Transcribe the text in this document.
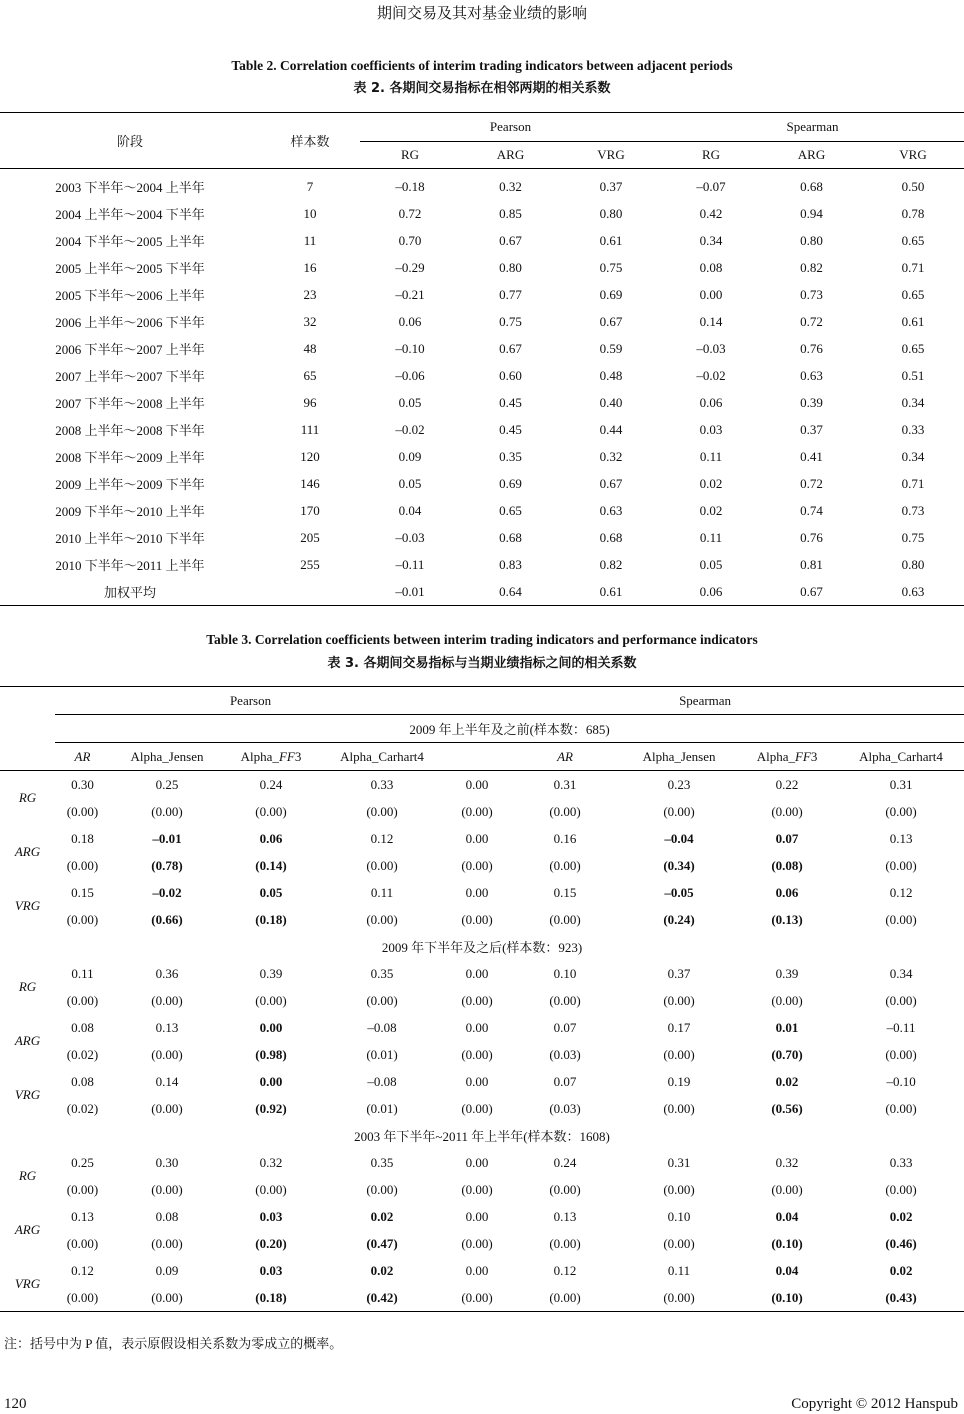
期间交易及其对基金业绩的影响
Table 2. Correlation coefficients of interim trading indicators between adjacent periods
表 2. 各期间交易指标在相邻两期的相关系数
阶段	样本数	Pearson			Spearman		
		RG	ARG	VRG	RG	ARG	VRG
2003 下半年～2004 上半年	7	–0.18	0.32	0.37	–0.07	0.68	0.50
2004 上半年～2004 下半年	10	0.72	0.85	0.80	0.42	0.94	0.78
2004 下半年～2005 上半年	11	0.70	0.67	0.61	0.34	0.80	0.65
2005 上半年～2005 下半年	16	–0.29	0.80	0.75	0.08	0.82	0.71
2005 下半年～2006 上半年	23	–0.21	0.77	0.69	0.00	0.73	0.65
2006 上半年～2006 下半年	32	0.06	0.75	0.67	0.14	0.72	0.61
2006 下半年～2007 上半年	48	–0.10	0.67	0.59	–0.03	0.76	0.65
2007 上半年～2007 下半年	65	–0.06	0.60	0.48	–0.02	0.63	0.51
2007 下半年～2008 上半年	96	0.05	0.45	0.40	0.06	0.39	0.34
2008 上半年～2008 下半年	111	–0.02	0.45	0.44	0.03	0.37	0.33
2008 下半年～2009 上半年	120	0.09	0.35	0.32	0.11	0.41	0.34
2009 上半年～2009 下半年	146	0.05	0.69	0.67	0.02	0.72	0.71
2009 下半年～2010 上半年	170	0.04	0.65	0.63	0.02	0.74	0.73
2010 上半年～2010 下半年	205	–0.03	0.68	0.68	0.11	0.76	0.75
2010 下半年～2011 上半年	255	–0.11	0.83	0.82	0.05	0.81	0.80
加权平均		–0.01	0.64	0.61	0.06	0.67	0.63
Table 3. Correlation coefficients between interim trading indicators and performance indicators
表 3. 各期间交易指标与当期业绩指标之间的相关系数
	Pearson				Spearman				
	2009 年上半年及之前(样本数：685)								
	AR	Alpha_Jensen	Alpha_FF3	Alpha_Carhart4		AR	Alpha_Jensen	Alpha_FF3	Alpha_Carhart4
RG	0.30	0.25	0.24	0.33	0.00	0.31	0.23	0.22	0.31
	(0.00)	(0.00)	(0.00)	(0.00)	(0.00)	(0.00)	(0.00)	(0.00)	(0.00)
ARG	0.18	–0.01	0.06	0.12	0.00	0.16	–0.04	0.07	0.13
	(0.00)	(0.78)	(0.14)	(0.00)	(0.00)	(0.00)	(0.34)	(0.08)	(0.00)
VRG	0.15	–0.02	0.05	0.11	0.00	0.15	–0.05	0.06	0.12
	(0.00)	(0.66)	(0.18)	(0.00)	(0.00)	(0.00)	(0.24)	(0.13)	(0.00)
2009 年下半年及之后(样本数：923)									
RG	0.11	0.36	0.39	0.35	0.00	0.10	0.37	0.39	0.34
	(0.00)	(0.00)	(0.00)	(0.00)	(0.00)	(0.00)	(0.00)	(0.00)	(0.00)
ARG	0.08	0.13	0.00	–0.08	0.00	0.07	0.17	0.01	–0.11
	(0.02)	(0.00)	(0.98)	(0.01)	(0.00)	(0.03)	(0.00)	(0.70)	(0.00)
VRG	0.08	0.14	0.00	–0.08	0.00	0.07	0.19	0.02	–0.10
	(0.02)	(0.00)	(0.92)	(0.01)	(0.00)	(0.03)	(0.00)	(0.56)	(0.00)
2003 年下半年~2011 年上半年(样本数：1608)									
RG	0.25	0.30	0.32	0.35	0.00	0.24	0.31	0.32	0.33
	(0.00)	(0.00)	(0.00)	(0.00)	(0.00)	(0.00)	(0.00)	(0.00)	(0.00)
ARG	0.13	0.08	0.03	0.02	0.00	0.13	0.10	0.04	0.02
	(0.00)	(0.00)	(0.20)	(0.47)	(0.00)	(0.00)	(0.00)	(0.10)	(0.46)
VRG	0.12	0.09	0.03	0.02	0.00	0.12	0.11	0.04	0.02
	(0.00)	(0.00)	(0.18)	(0.42)	(0.00)	(0.00)	(0.00)	(0.10)	(0.43)
注：括号中为 P 值，表示原假设相关系数为零成立的概率。
120	Copyright © 2012 Hanspub
